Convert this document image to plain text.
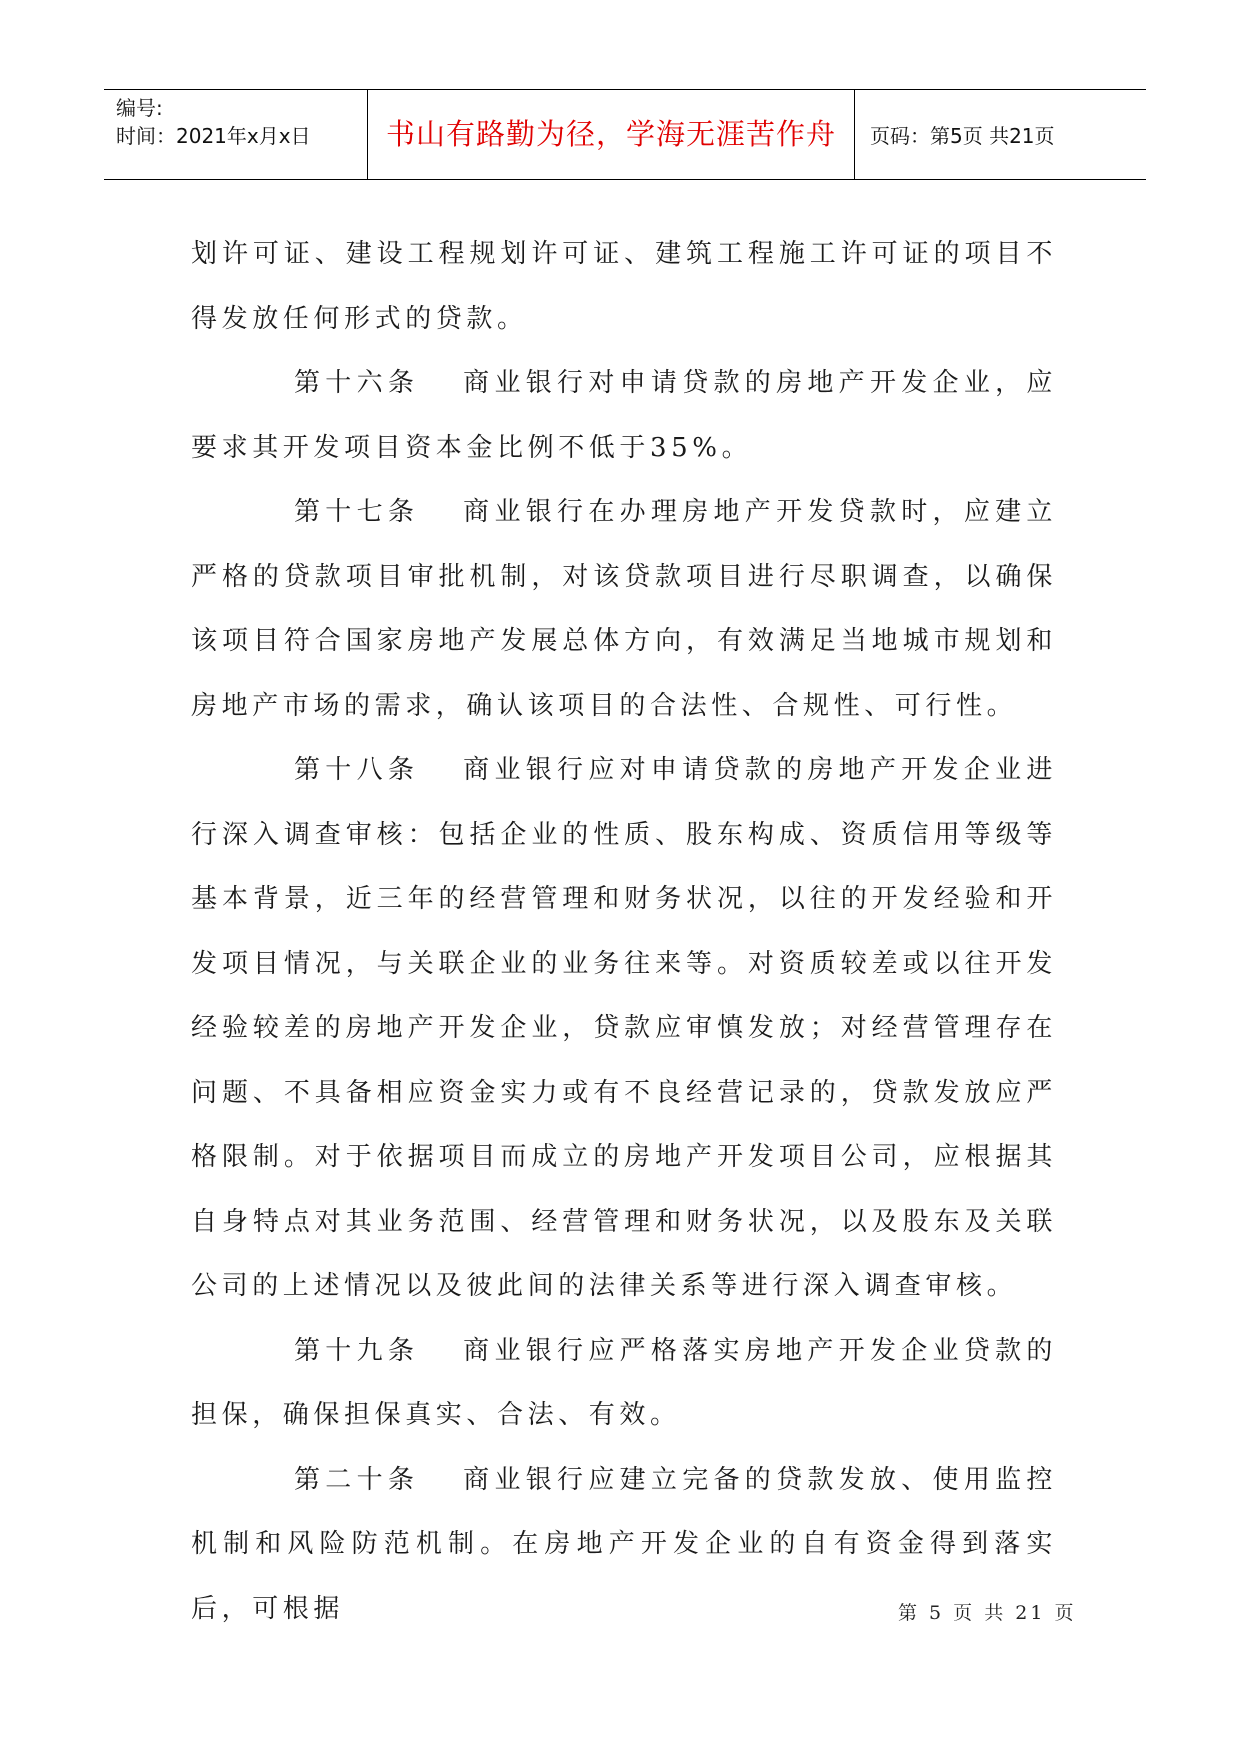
编号:
时间：2021年x月x日	书山有路勤为径，学海无涯苦作舟 页码：第5页 共21页

划许可证、建设工程规划许可证、建筑工程施工许可证的项目不得发放任何形式的贷款。

第十六条 商业银行对申请贷款的房地产开发企业，应要求其开发项目资本金比例不低于35%。

第十七条 商业银行在办理房地产开发贷款时，应建立严格的贷款项目审批机制，对该贷款项目进行尽职调查，以确保该项目符合国家房地产发展总体方向，有效满足当地城市规划和房地产市场的需求，确认该项目的合法性、合规性、可行性。

第十八条 商业银行应对申请贷款的房地产开发企业进行深入调查审核：包括企业的性质、股东构成、资质信用等级等基本背景，近三年的经营管理和财务状况，以往的开发经验和开发项目情况，与关联企业的业务往来等。对资质较差或以往开发经验较差的房地产开发企业，贷款应审慎发放；对经营管理存在问题、不具备相应资金实力或有不良经营记录的，贷款发放应严格限制。对于依据项目而成立的房地产开发项目公司，应根据其自身特点对其业务范围、经营管理和财务状况，以及股东及关联公司的上述情况以及彼此间的法律关系等进行深入调查审核。

第十九条 商业银行应严格落实房地产开发企业贷款的担保，确保担保真实、合法、有效。

第二十条 商业银行应建立完备的贷款发放、使用监控机制和风险防范机制。在房地产开发企业的自有资金得到落实后，可根据	第 5 页 共 21 页
